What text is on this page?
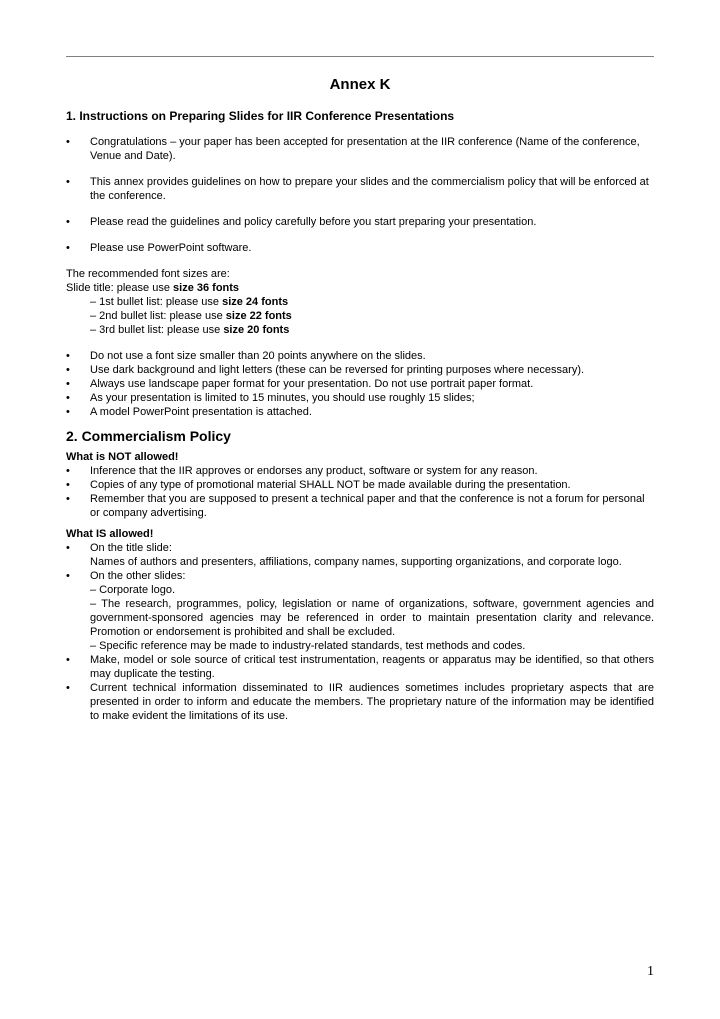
Annex K
1. Instructions on Preparing Slides for IIR Conference Presentations
• Congratulations – your paper has been accepted for presentation at the IIR conference (Name of the conference, Venue and Date).
• This annex provides guidelines on how to prepare your slides and the commercialism policy that will be enforced at the conference.
• Please read the guidelines and policy carefully before you start preparing your presentation.
• Please use PowerPoint software.
The recommended font sizes are:
Slide title: please use size 36 fonts
– 1st bullet list: please use size 24 fonts
– 2nd bullet list: please use size 22 fonts
– 3rd bullet list: please use size 20 fonts
• Do not use a font size smaller than 20 points anywhere on the slides.
• Use dark background and light letters (these can be reversed for printing purposes where necessary).
• Always use landscape paper format for your presentation. Do not use portrait paper format.
• As your presentation is limited to 15 minutes, you should use roughly 15 slides;
• A model PowerPoint presentation is attached.
2. Commercialism Policy
What is NOT allowed!
• Inference that the IIR approves or endorses any product, software or system for any reason.
• Copies of any type of promotional material SHALL NOT be made available during the presentation.
• Remember that you are supposed to present a technical paper and that the conference is not a forum for personal or company advertising.
What IS allowed!
• On the title slide:
Names of authors and presenters, affiliations, company names, supporting organizations, and corporate logo.
• On the other slides:
– Corporate logo.
– The research, programmes, policy, legislation or name of organizations, software, government agencies and government-sponsored agencies may be referenced in order to maintain presentation clarity and relevance. Promotion or endorsement is prohibited and shall be excluded.
– Specific reference may be made to industry-related standards, test methods and codes.
• Make, model or sole source of critical test instrumentation, reagents or apparatus may be identified, so that others may duplicate the testing.
• Current technical information disseminated to IIR audiences sometimes includes proprietary aspects that are presented in order to inform and educate the members. The proprietary nature of the information may be identified to make evident the limitations of its use.
1
